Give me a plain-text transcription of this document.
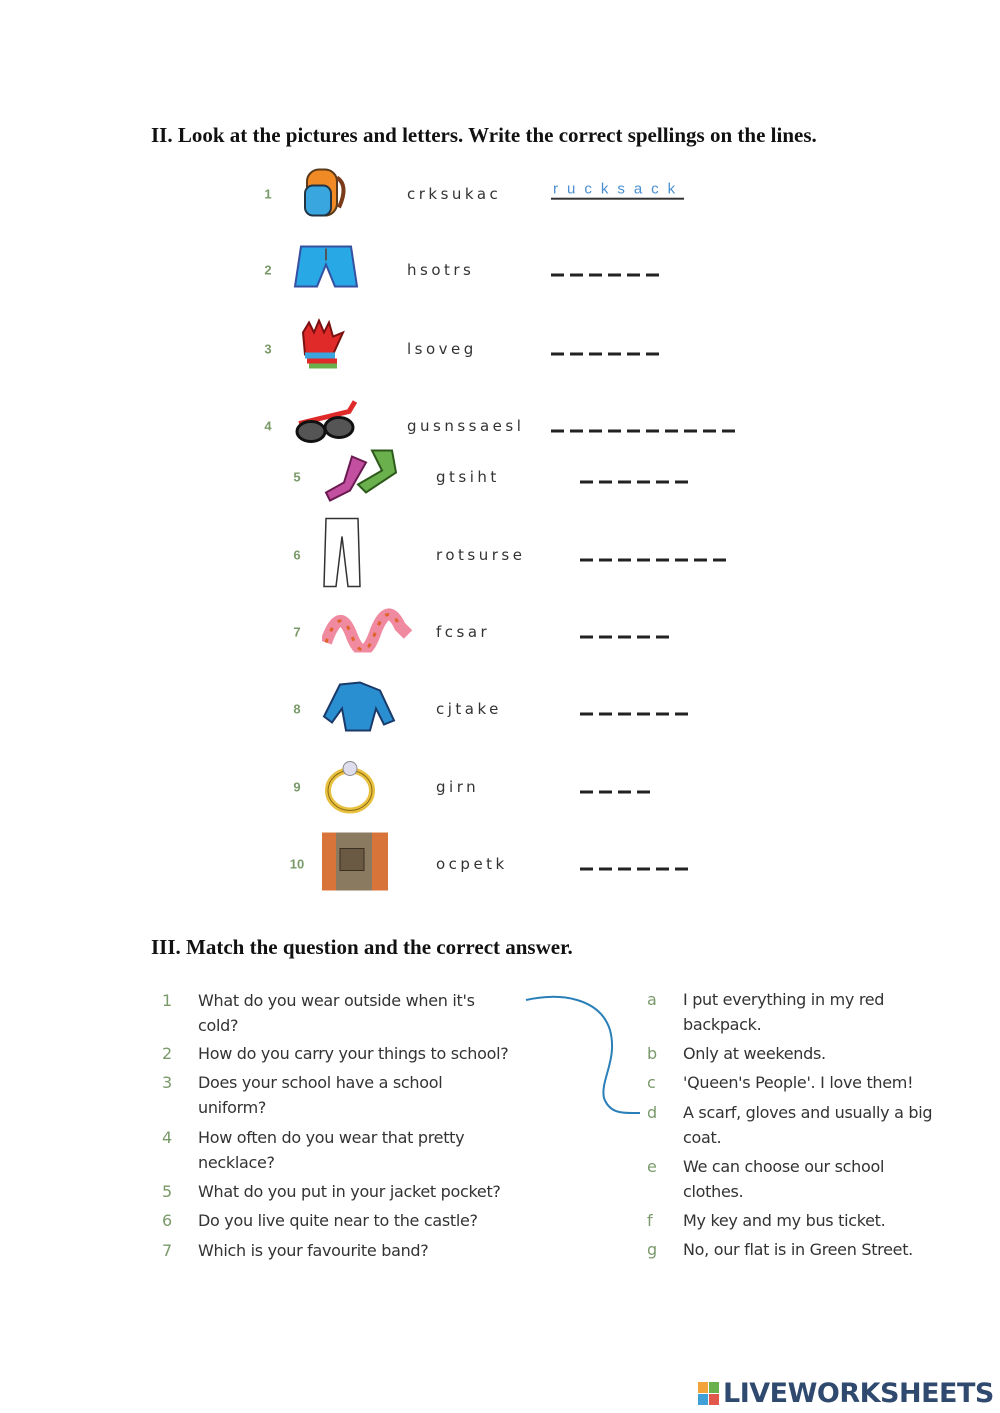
II. Look at the pictures and letters. Write the correct spellings on the lines.
1	crksukac	rucksack
2	hsotrs
3	lsoveg
4	gusnssaesl
5	gtsiht
6	rotsurse
7	fcsar
8	cjtake
9	girn
10	ocpetk
III. Match the question and the correct answer.
1 What do you wear outside when it's
cold?
2 How do you carry your things to school?
3 Does your school have a school
uniform?
4 How often do you wear that pretty
necklace?
5 What do you put in your jacket pocket?
6 Do you live quite near to the castle?
7 Which is your favourite band?
a I put everything in my red
backpack.
b Only at weekends.
c 'Queen's People'. I love them!
d A scarf, gloves and usually a big
coat.
e We can choose our school
clothes.
f My key and my bus ticket.
g No, our flat is in Green Street.
LIVEWORKSHEETS
